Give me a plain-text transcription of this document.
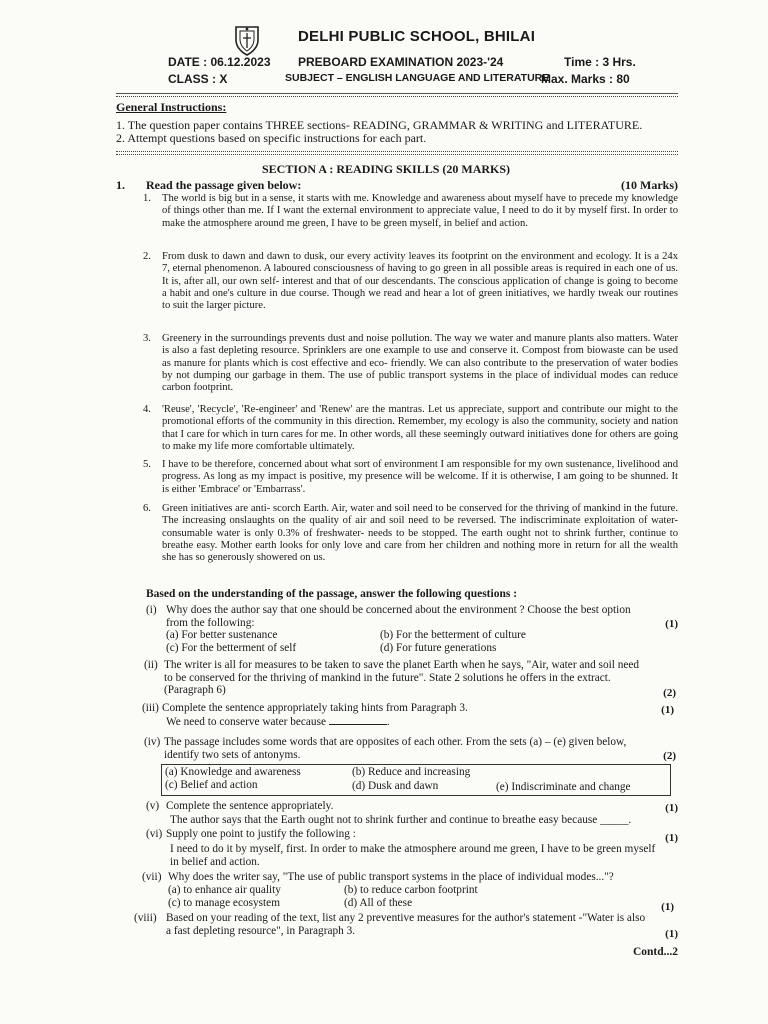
DELHI PUBLIC SCHOOL, BHILAI
DATE : 06.12.2023 PREBOARD EXAMINATION 2023-'24	Time : 3 Hrs.
CLASS : X	SUBJECT – ENGLISH LANGUAGE AND LITERATURE
Max. Marks : 80
General Instructions:
1. The question paper contains THREE sections- READING, GRAMMAR & WRITING and LITERATURE.
2. Attempt questions based on specific instructions for each part.
SECTION A : READING SKILLS (20 MARKS)
1. Read the passage given below:	(10 Marks)
1. The world is big but in a sense, it starts with me. Knowledge and awareness about myself have to precede my knowledge of things other than me. If I want the external environment to appreciate value, I need to do it by myself first. In order to make the atmosphere around me green, I have to be green myself, in belief and action.
2. From dusk to dawn and dawn to dusk, our every activity leaves its footprint on the environment and ecology. It is a 24x 7, eternal phenomenon. A laboured consciousness of having to go green in all possible areas is required in each one of us. It is, after all, our own self- interest and that of our descendants. The conscious application of change is going to become a habit and one's culture in due course. Though we read and hear a lot of green initiatives, we hardly tweak our routines to suit the larger picture.
3. Greenery in the surroundings prevents dust and noise pollution. The way we water and manure plants also matters. Water is also a fast depleting resource. Sprinklers are one example to use and conserve it. Compost from biowaste can be used as manure for plants which is cost effective and eco- friendly. We can also contribute to the preservation of water bodies by not dumping our garbage in them. The use of public transport systems in the place of individual modes can reduce carbon footprint.
4. 'Reuse', 'Recycle', 'Re-engineer' and 'Renew' are the mantras. Let us appreciate, support and contribute our might to the promotional efforts of the community in this direction. Remember, my ecology is also the community, society and nation that I care for which in turn cares for me. In other words, all these seemingly outward initiatives done for others are going to make my life more comfortable ultimately.
5. I have to be therefore, concerned about what sort of environment I am responsible for my own sustenance, livelihood and progress. As long as my impact is positive, my presence will be welcome. If it is otherwise, I am going to be shunned. It is either 'Embrace' or 'Embarrass'.
6. Green initiatives are anti- scorch Earth. Air, water and soil need to be conserved for the thriving of mankind in the future. The increasing onslaughts on the quality of air and soil need to be reversed. The indiscriminate exploitation of water- consumable water is only 0.3% of freshwater- needs to be stopped. The earth ought not to shrink further, continue to breathe easy. Mother earth looks for only love and care from her children and nothing more in return for all the wealth she has so generously showered on us.
Based on the understanding of the passage, answer the following questions :
(i) Why does the author say that one should be concerned about the environment ? Choose the best option from the following:	(1)
(a) For better sustenance	(b) For the betterment of culture
(c) For the betterment of self	(d) For future generations
(ii) The writer is all for measures to be taken to save the planet Earth when he says, "Air, water and soil need to be conserved for the thriving of mankind in the future". State 2 solutions he offers in the extract. (Paragraph 6)	(2)
(iii) Complete the sentence appropriately taking hints from Paragraph 3.	(1)
We need to conserve water because	.
(iv) The passage includes some words that are opposites of each other. From the sets (a) – (e) given below, identify two sets of antonyms.	(2)
(a) Knowledge and awareness	(b) Reduce and increasing
(c) Belief and action	(d) Dusk and dawn	(e) Indiscriminate and change
(v) Complete the sentence appropriately.	(1)
The author says that the Earth ought not to shrink further and continue to breathe easy because _____.
(vi) Supply one point to justify the following :	(1)
I need to do it by myself, first. In order to make the atmosphere around me green, I have to be green myself in belief and action.
(vii) Why does the writer say, "The use of public transport systems in the place of individual modes..."?
(1)
(a) to enhance air quality	(b) to reduce carbon footprint
(c) to manage ecosystem	(d) All of these
(viii) Based on your reading of the text, list any 2 preventive measures for the author's statement -"Water is also a fast depleting resource", in Paragraph 3.	(1)
Contd...2
